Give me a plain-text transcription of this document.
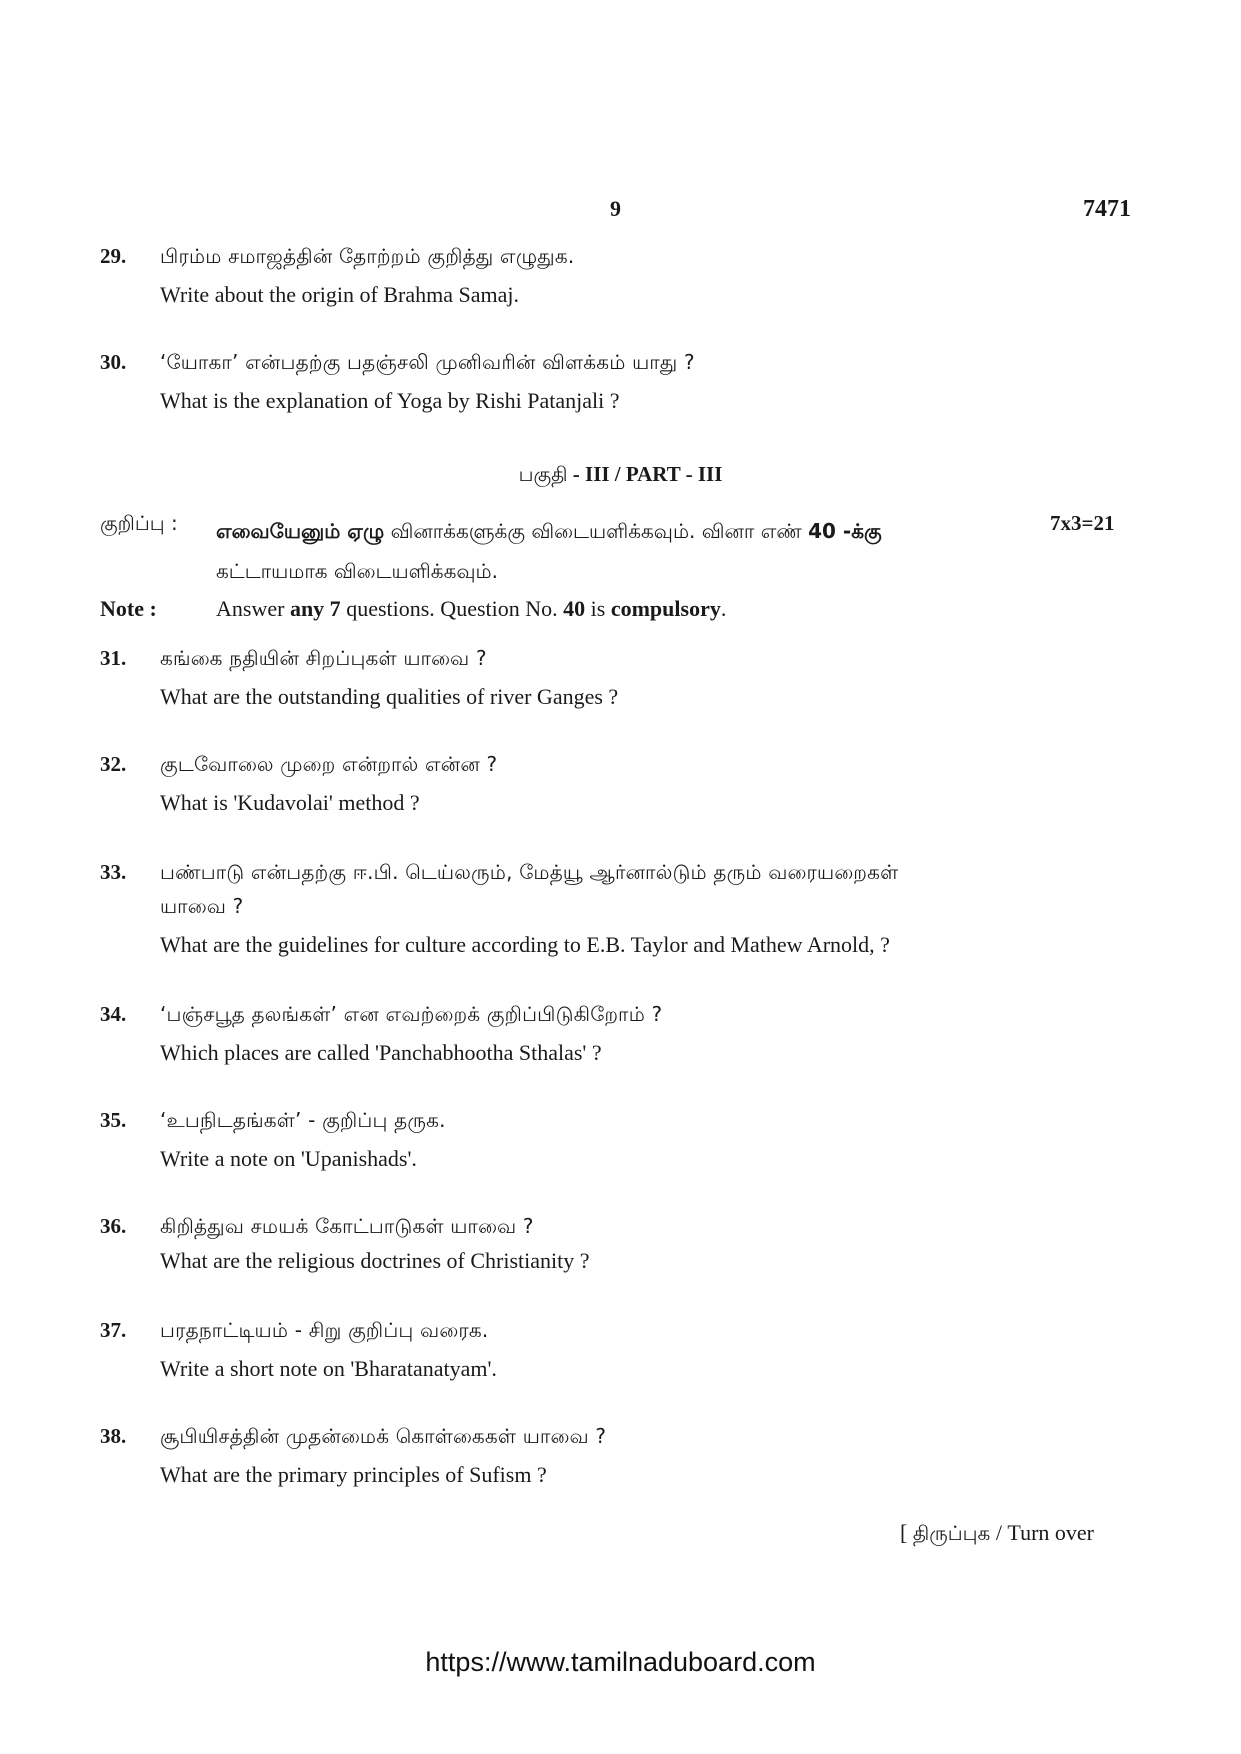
9	7471
29. பிரம்ம சமாஜத்தின் தோற்றம் குறித்து எழுதுக.
Write about the origin of Brahma Samaj.
30. ‘யோகா’ என்பதற்கு பதஞ்சலி முனிவரின் விளக்கம் யாது ?
What is the explanation of Yoga by Rishi Patanjali ?
பகுதி - III / PART - III
குறிப்பு : எவையேனும் ஏழு வினாக்களுக்கு விடையளிக்கவும். வினா எண் 40 -க்கு
கட்டாயமாக விடையளிக்கவும்.
7x3=21
Note :	Answer any 7 questions. Question No. 40 is compulsory.
31. கங்கை நதியின் சிறப்புகள் யாவை ?
What are the outstanding qualities of river Ganges ?
32. குடவோலை முறை என்றால் என்ன ?
What is 'Kudavolai' method ?
33. பண்பாடு என்பதற்கு ஈ.பி. டெய்லரும், மேத்யூ ஆர்னால்டும் தரும் வரையறைகள்
யாவை ?
What are the guidelines for culture according to E.B. Taylor and Mathew Arnold, ?
34. ‘பஞ்சபூத தலங்கள்’ என எவற்றைக் குறிப்பிடுகிறோம் ?
Which places are called 'Panchabhootha Sthalas' ?
35. ‘உபநிடதங்கள்’ - குறிப்பு தருக.
Write a note on 'Upanishads'.
36. கிறித்துவ சமயக் கோட்பாடுகள் யாவை ?
What are the religious doctrines of Christianity ?
37. பரதநாட்டியம் - சிறு குறிப்பு வரைக.
Write a short note on 'Bharatanatyam'.
38. சூபியிசத்தின் முதன்மைக் கொள்கைகள் யாவை ?
What are the primary principles of Sufism ?
[ திருப்புக / Turn over
https://www.tamilnaduboard.com
